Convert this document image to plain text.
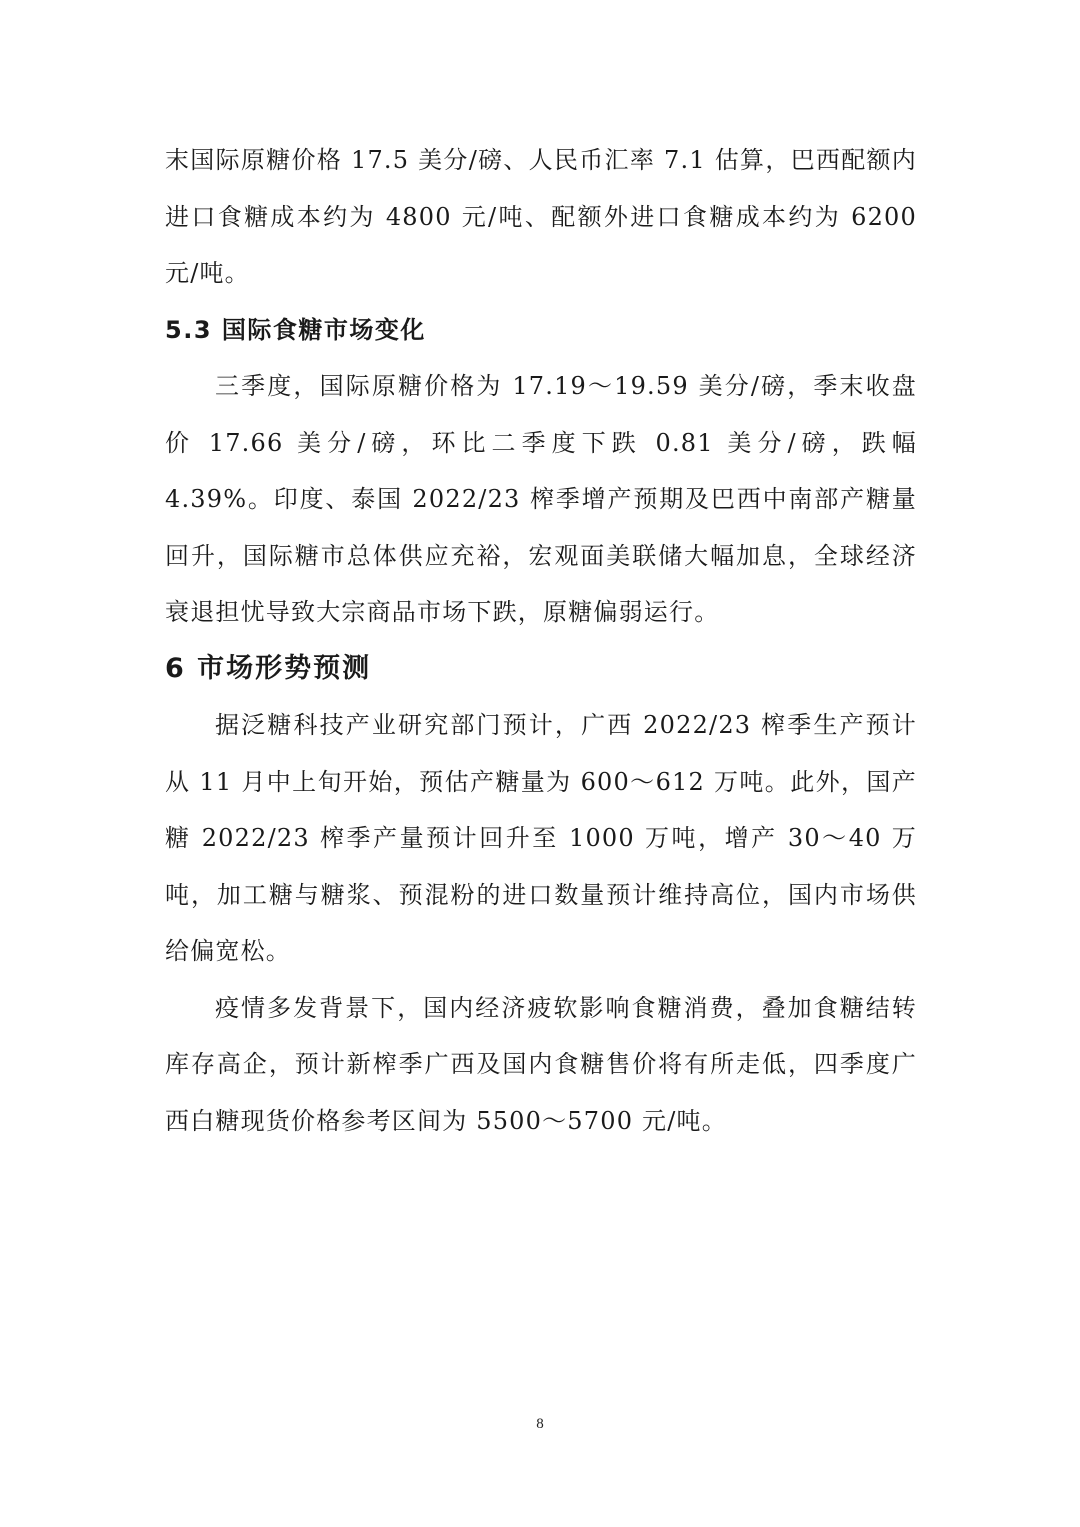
末国际原糖价格 17.5 美分/磅、人民币汇率 7.1 估算，巴西配额内进口食糖成本约为 4800 元/吨、配额外进口食糖成本约为 6200 元/吨。

5.3 国际食糖市场变化

三季度，国际原糖价格为 17.19～19.59 美分/磅，季末收盘价 17.66 美分/磅，环比二季度下跌 0.81 美分/磅，跌幅 4.39%。印度、泰国 2022/23 榨季增产预期及巴西中南部产糖量回升，国际糖市总体供应充裕，宏观面美联储大幅加息，全球经济衰退担忧导致大宗商品市场下跌，原糖偏弱运行。

6 市场形势预测

据泛糖科技产业研究部门预计，广西 2022/23 榨季生产预计从 11 月中上旬开始，预估产糖量为 600～612 万吨。此外，国产糖 2022/23 榨季产量预计回升至 1000 万吨，增产 30～40 万吨，加工糖与糖浆、预混粉的进口数量预计维持高位，国内市场供给偏宽松。

疫情多发背景下，国内经济疲软影响食糖消费，叠加食糖结转库存高企，预计新榨季广西及国内食糖售价将有所走低，四季度广西白糖现货价格参考区间为 5500～5700 元/吨。

8
